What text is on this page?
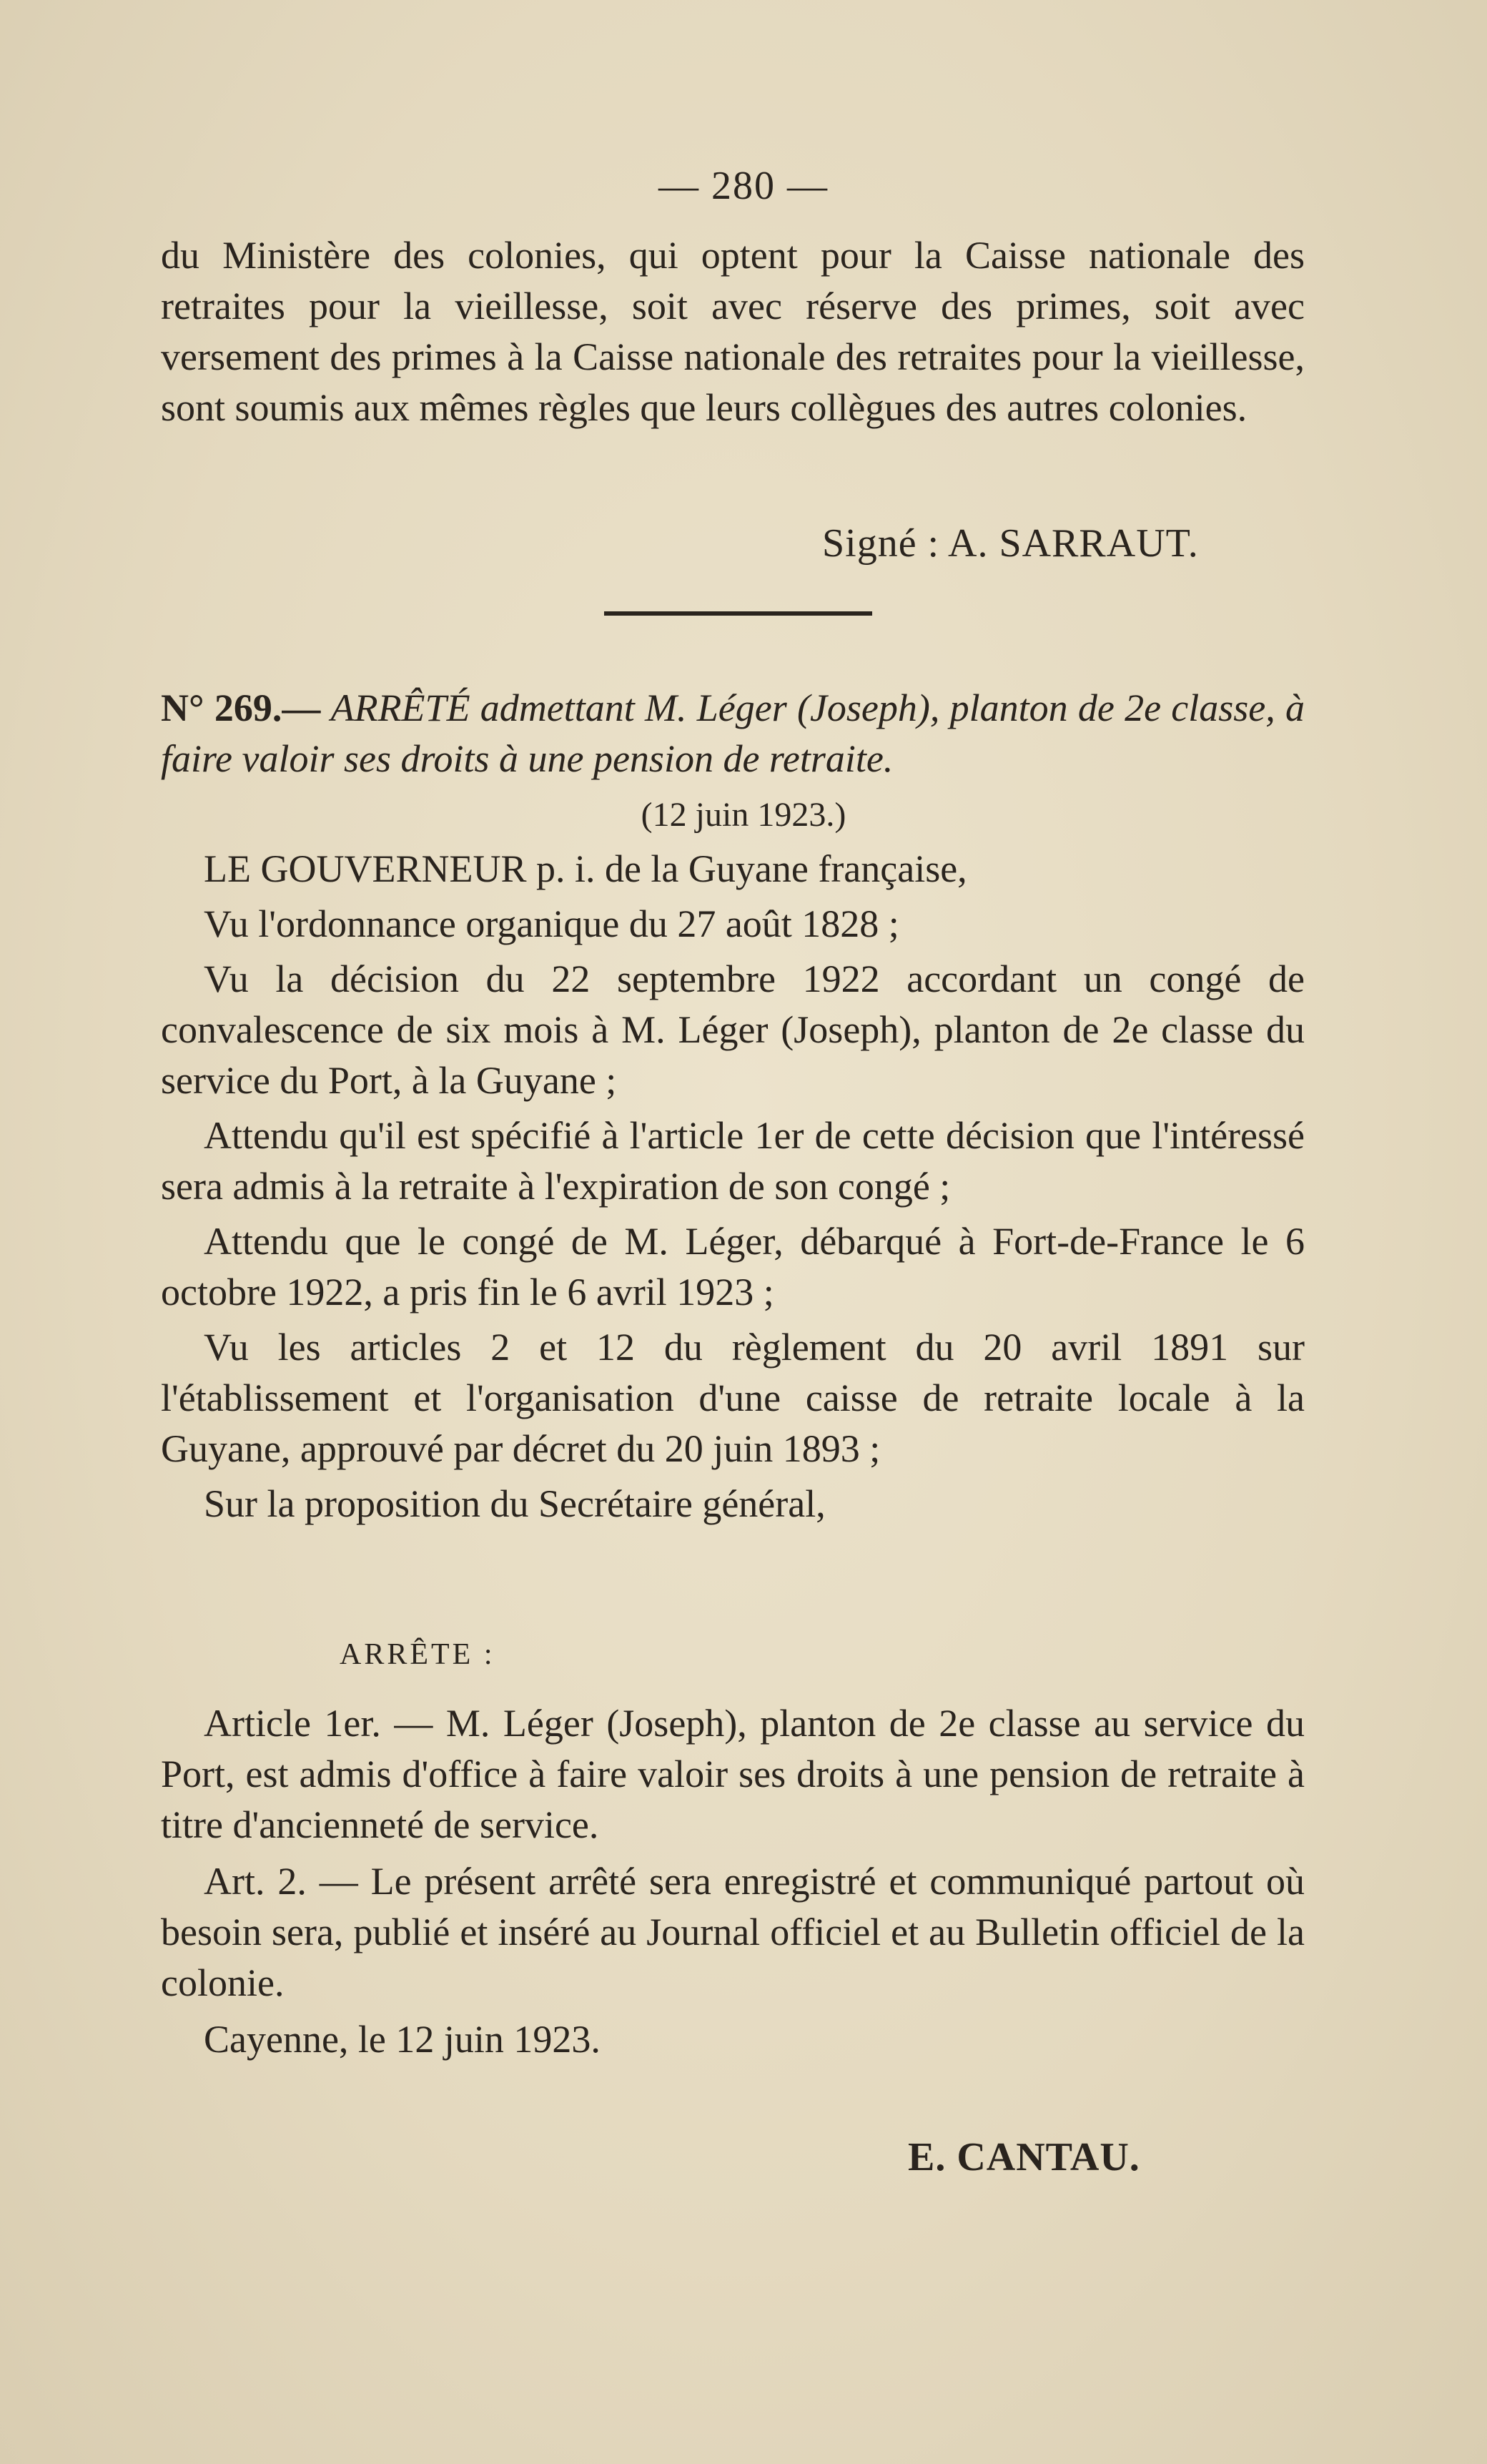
— 280 —

du Ministère des colonies, qui optent pour la Caisse nationale des retraites pour la vieillesse, soit avec réserve des primes, soit avec versement des primes à la Caisse nationale des retraites pour la vieillesse, sont soumis aux mêmes règles que leurs collègues des autres colonies.

Signé : A. SARRAUT.

N° 269.— ARRÊTÉ admettant M. Léger (Joseph), planton de 2e classe, à faire valoir ses droits à une pension de retraite.

(12 juin 1923.)

LE GOUVERNEUR p. i. de la Guyane française,

Vu l'ordonnance organique du 27 août 1828 ;

Vu la décision du 22 septembre 1922 accordant un congé de convalescence de six mois à M. Léger (Joseph), planton de 2e classe du service du Port, à la Guyane ;

Attendu qu'il est spécifié à l'article 1er de cette décision que l'intéressé sera admis à la retraite à l'expiration de son congé ;

Attendu que le congé de M. Léger, débarqué à Fort-de-France le 6 octobre 1922, a pris fin le 6 avril 1923 ;

Vu les articles 2 et 12 du règlement du 20 avril 1891 sur l'établissement et l'organisation d'une caisse de retraite locale à la Guyane, approuvé par décret du 20 juin 1893 ;

Sur la proposition du Secrétaire général,

ARRÊTE :

Article 1er. — M. Léger (Joseph), planton de 2e classe au service du Port, est admis d'office à faire valoir ses droits à une pension de retraite à titre d'ancienneté de service.

Art. 2. — Le présent arrêté sera enregistré et communiqué partout où besoin sera, publié et inséré au Journal officiel et au Bulletin officiel de la colonie.

Cayenne, le 12 juin 1923.

E. CANTAU.
